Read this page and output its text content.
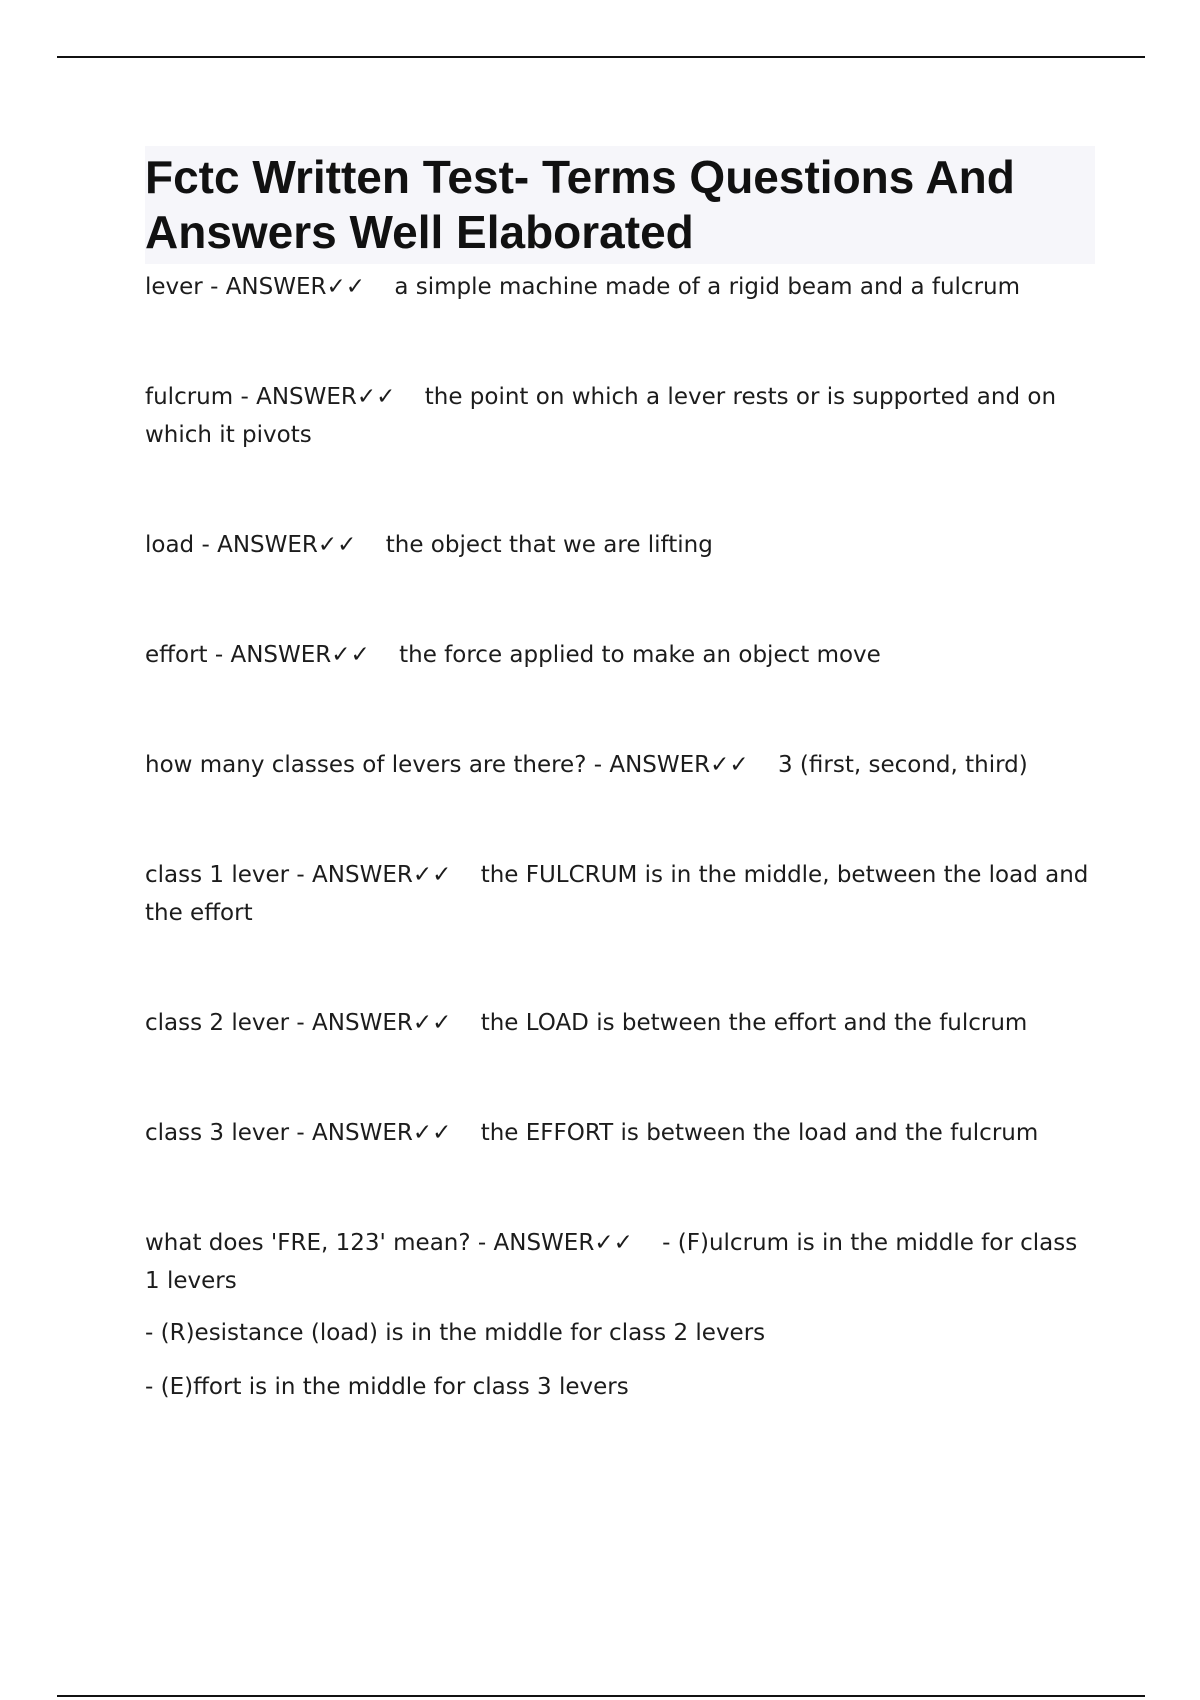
Fctc Written Test- Terms Questions And Answers Well Elaborated
lever - ANSWER✓✓ a simple machine made of a rigid beam and a fulcrum
fulcrum - ANSWER✓✓ the point on which a lever rests or is supported and on which it pivots
load - ANSWER✓✓ the object that we are lifting
effort - ANSWER✓✓ the force applied to make an object move
how many classes of levers are there? - ANSWER✓✓ 3 (first, second, third)
class 1 lever - ANSWER✓✓ the FULCRUM is in the middle, between the load and the effort
class 2 lever - ANSWER✓✓ the LOAD is between the effort and the fulcrum
class 3 lever - ANSWER✓✓ the EFFORT is between the load and the fulcrum
what does 'FRE, 123' mean? - ANSWER✓✓ - (F)ulcrum is in the middle for class 1 levers
- (R)esistance (load) is in the middle for class 2 levers
- (E)ffort is in the middle for class 3 levers
